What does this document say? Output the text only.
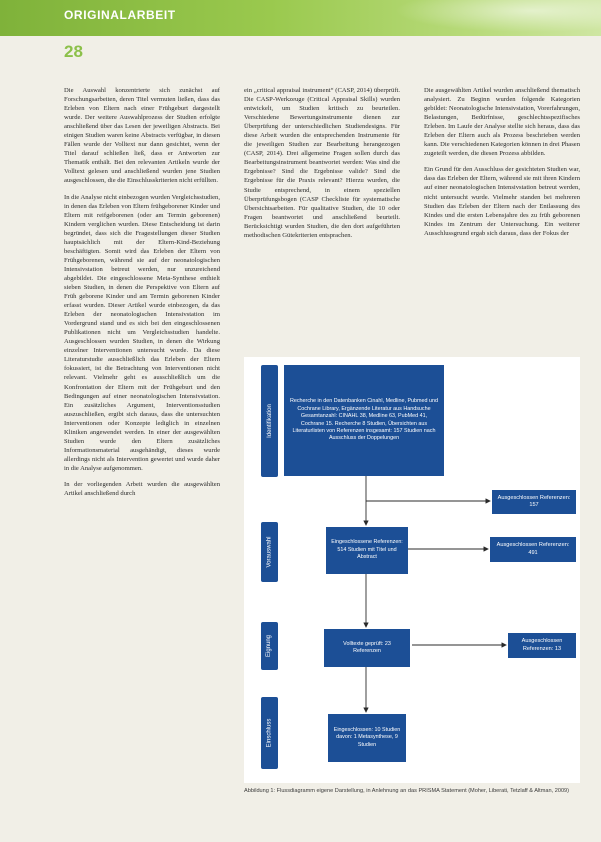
ORIGINALARBEIT
28

Die Auswahl konzentrierte sich zunächst auf Forschungsarbeiten, deren Titel vermuten ließen, dass das Erleben von Eltern nach einer Frühgeburt dargestellt wurde. Der weitere Auswahlprozess der Studien erfolgte anschließend über das Lesen der jeweiligen Abstracts. Bei einigen Studien waren keine Abstracts verfügbar, in diesen Fällen wurde der Volltext nur dann gesichtet, wenn der Titel darauf schließen ließ, dass er Antworten zur Thematik enthält. Bei den relevanten Artikeln wurde der Volltext gelesen und anschließend wurden jene Studien ausgeschlossen, die die Einschlusskriterien nicht erfüllten.

In die Analyse nicht einbezogen wurden Vergleichsstudien, in denen das Erleben von Eltern frühgeborener Kinder und Eltern mit reifgeborenen (oder am Termin geborenen) Kindern verglichen wurden. Diese Entscheidung ist darin begründet, dass sich die Fragestellungen dieser Studien hauptsächlich mit der Eltern-Kind-Beziehung beschäftigten. Somit wird das Erleben der Eltern von Frühgeborenen, während sie auf der neonatologischen Intensivstation betreut werden, nur unzureichend abgebildet. Die eingeschlossene Meta-Synthese enthielt sieben Studien, in denen die Perspektive von Eltern auf Früh geborene Kinder und am Termin geborenen Kinder erfasst wurden. Dieser Artikel wurde einbezogen, da das Erleben der neonatologischen Intensivstation im Vordergrund stand und es sich bei den eingeschlossenen Publikationen nicht um Vergleichsstudien handelte. Ausgeschlossen wurden Studien, in denen die Wirkung einzelner Interventionen untersucht wurde. Da diese Literaturstudie ausschließlich das Erleben der Eltern fokussiert, ist die Betrachtung von Interventionen nicht relevant. Vielmehr geht es ausschließlich um die Konfrontation der Eltern mit der Frühgeburt und den Bedingungen auf einer neonatologischen Intensivstation. Ein zusätzliches Argument, Interventionsstudien auszuschließen, ergibt sich daraus, dass die untersuchten Interventionen oder Konzepte lediglich in einzelnen Kliniken angewendet werden. In einer der ausgewählten Studien wurde den Eltern zusätzliches Informationsmaterial ausgehändigt, dieses wurde allerdings nicht als Intervention gewertet und wurde daher in die Analyse aufgenommen.

In der vorliegenden Arbeit wurden die ausgewählten Artikel anschließend durch

ein „critical appraisal instrument“ (CASP, 2014) überprüft. Die CASP-Werkzeuge (Critical Appraisal Skills) wurden entwickelt, um Studien kritisch zu beurteilen. Verschiedene Bewertungsinstrumente dienen zur Überprüfung der unterschiedlichen Studiendesigns. Für diese Arbeit wurden die entsprechenden Instrumente für die jeweiligen Studien zur Bearbeitung herangezogen (CASP, 2014). Drei allgemeine Fragen sollen durch das Bearbeitungsinstrument beantwortet werden: Was sind die Ergebnisse? Sind die Ergebnisse valide? Sind die Ergebnisse für die Praxis relevant? Hierzu wurden, die Studie entsprechend, in einem speziellen Überprüfungsbogen (CASP Checkliste für systematische Übersichtsarbeiten. Für qualitative Studien, die 10 oder Fragen beantwortet und anschließend beurteilt. Berücksichtigt wurden Studien, die den dort aufgeführten methodischen Gütekriterien entsprachen.

Die ausgewählten Artikel wurden anschließend thematisch analysiert. Zu Beginn wurden folgende Kategorien gebildet: Neonatologische Intensivstation, Vorerfahrungen, Belastungen, Bedürfnisse, geschlechtsspezifisches Erleben. Im Laufe der Analyse stellte sich heraus, dass das Erleben der Eltern auch als Prozess beschrieben werden kann. Die verschiedenen Kategorien können in drei Phasen zugeteilt werden, die diesen Prozess abbilden.

Ein Grund für den Ausschluss der gesichteten Studien war, dass das Erleben der Eltern, während sie mit ihren Kindern auf einer neonatologischen Intensivstation betreut werden, nicht untersucht wurde. Vielmehr standen bei mehreren Studien das Erleben der Eltern nach der Entlassung des Kindes und die ersten Lebensjahre des zu früh geborenen Kindes im Zentrum der Untersuchung. Ein weiterer Ausschlussgrund ergab sich daraus, dass der Fokus der

Identifikation
Vorauswahl
Eignung
Einschluss
Recherche in den Datenbanken Cinahl, Medline, Pubmed und Cochrane Library, Ergänzende Literatur aus Handsuche Gesamtanzahl: CINAHL 38, Medline 63, PubMed 41, Cochrane 15. Recherche 8 Studien, Übersichten aus Literaturlisten von Referenzen insgesamt: 157 Studien nach Ausschluss der Doppelungen
Eingeschlossene Referenzen: 514 Studien mit Titel und Abstract
Volltexte geprüft: 23 Referenzen
Eingeschlossen: 10 Studien davon: 1 Metasynthese, 9 Studien
Ausgeschlossen Referenzen: 157
Ausgeschlossen Referenzen: 491
Ausgeschlossen Referenzen: 13
Abbildung 1: Flussdiagramm eigene Darstellung, in Anlehnung an das PRISMA Statement (Moher, Liberati, Tetzlaff & Altman, 2009)
